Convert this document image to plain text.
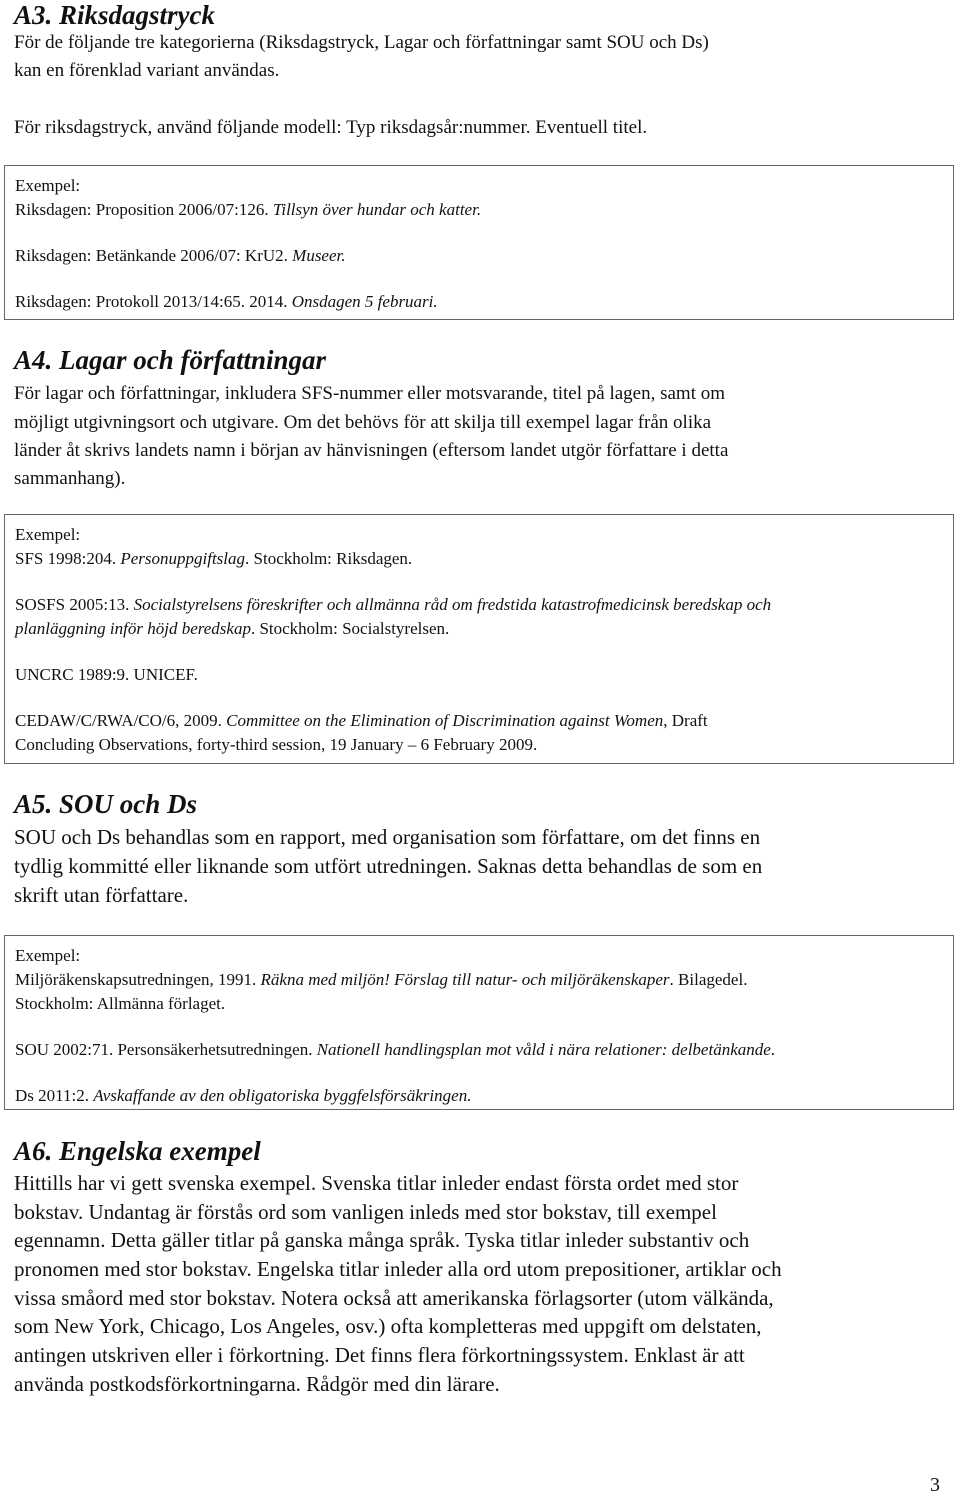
A3. Riksdagstryck
För de följande tre kategorierna (Riksdagstryck, Lagar och författningar samt SOU och Ds)
kan en förenklad variant användas.
För riksdagstryck, använd följande modell: Typ riksdagsår:nummer. Eventuell titel.
Exempel:
Riksdagen: Proposition 2006/07:126. Tillsyn över hundar och katter.
Riksdagen: Betänkande 2006/07: KrU2. Museer.
Riksdagen: Protokoll 2013/14:65. 2014. Onsdagen 5 februari.
A4. Lagar och författningar
För lagar och författningar, inkludera SFS-nummer eller motsvarande, titel på lagen, samt om
möjligt utgivningsort och utgivare. Om det behövs för att skilja till exempel lagar från olika
länder åt skrivs landets namn i början av hänvisningen (eftersom landet utgör författare i detta
sammanhang).
Exempel:
SFS 1998:204. Personuppgiftslag. Stockholm: Riksdagen.
SOSFS 2005:13. Socialstyrelsens föreskrifter och allmänna råd om fredstida katastrofmedicinsk beredskap och
planläggning inför höjd beredskap. Stockholm: Socialstyrelsen.
UNCRC 1989:9. UNICEF.
CEDAW/C/RWA/CO/6, 2009. Committee on the Elimination of Discrimination against Women, Draft
Concluding Observations, forty-third session, 19 January – 6 February 2009.
A5. SOU och Ds
SOU och Ds behandlas som en rapport, med organisation som författare, om det finns en
tydlig kommitté eller liknande som utfört utredningen. Saknas detta behandlas de som en
skrift utan författare.
Exempel:
Miljöräkenskapsutredningen, 1991. Räkna med miljön! Förslag till natur- och miljöräkenskaper. Bilagedel.
Stockholm: Allmänna förlaget.
SOU 2002:71. Personsäkerhetsutredningen. Nationell handlingsplan mot våld i nära relationer: delbetänkande.
Ds 2011:2. Avskaffande av den obligatoriska byggfelsförsäkringen.
A6. Engelska exempel
Hittills har vi gett svenska exempel. Svenska titlar inleder endast första ordet med stor
bokstav. Undantag är förstås ord som vanligen inleds med stor bokstav, till exempel
egennamn. Detta gäller titlar på ganska många språk. Tyska titlar inleder substantiv och
pronomen med stor bokstav. Engelska titlar inleder alla ord utom prepositioner, artiklar och
vissa småord med stor bokstav. Notera också att amerikanska förlagsorter (utom välkända,
som New York, Chicago, Los Angeles, osv.) ofta kompletteras med uppgift om delstaten,
antingen utskriven eller i förkortning. Det finns flera förkortningssystem. Enklast är att
använda postkodsförkortningarna. Rådgör med din lärare.
3
